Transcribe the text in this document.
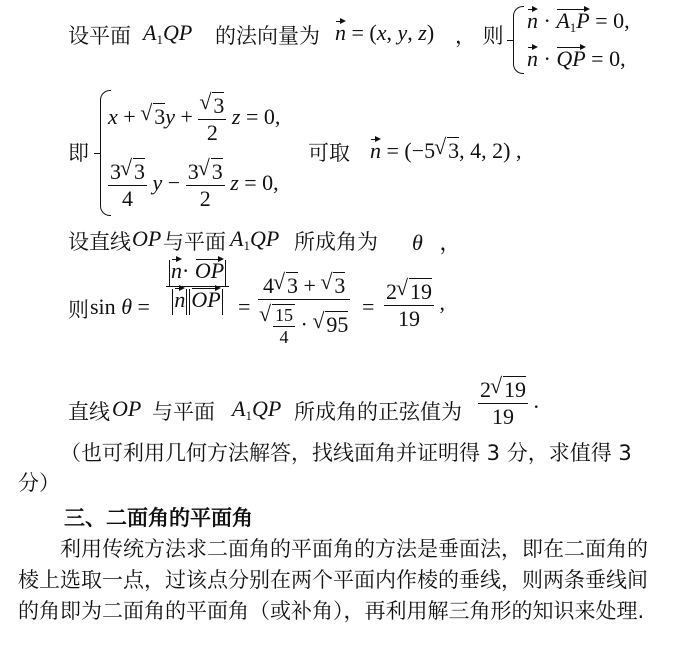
设平面 $A_1QP$ 的法向量为 n
= (x, y, z) ， 则
n
· $A_1P$
= 0,
n
· QP
= 0,
即
x + √ 3y + √ $\frac{3}{2}$ z = 0,
$\frac{3 √ 3}{4}$ $y - \frac{3 √ 3}{2}$ z = 0,
可取 n
= (−5 √ 3, 4, 2) ,
设直线 OP 与平面 $A_1QP$ 所成角为 θ   ，
则 sin θ = n
· OP
n OP = 4 √ 3 + √ 3
√ $\frac{15}{4}$ · √ $95 = \frac{2 √ 19}{19}$ ,
直线 OP 与平面 $A_1QP$ 所成角的正弦值为 $\frac{2 √ 19}{19}$ .
（也可利用几何方法解答，找线面角并证明得 3 分，求值得 3 分）
三、二面角的平面角
利用传统方法求二面角的平面角的方法是垂面法，即在二面角的棱上选取一点，过该点分别在两个平面内作棱的垂线，则两条垂线间的角即为二面角的平面角（或补角），再利用解三角形的知识来处理.
